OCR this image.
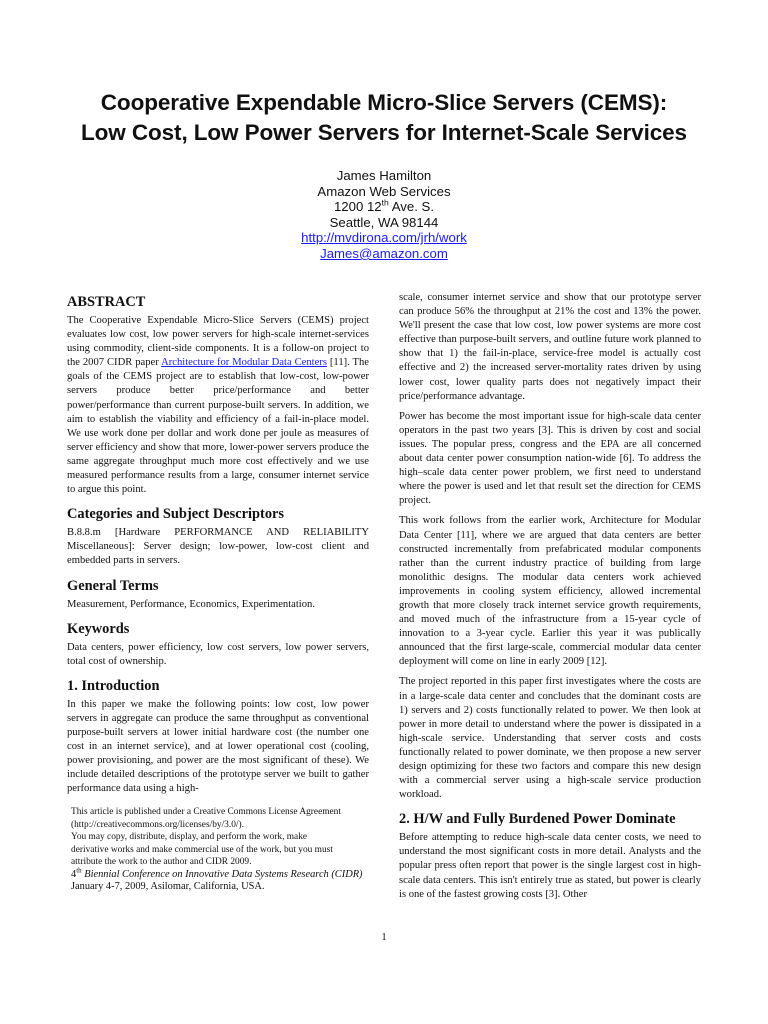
Cooperative Expendable Micro-Slice Servers (CEMS):
Low Cost, Low Power Servers for Internet-Scale Services
James Hamilton
Amazon Web Services
1200 12th Ave. S.
Seattle, WA 98144
http://mvdirona.com/jrh/work
James@amazon.com
ABSTRACT

The Cooperative Expendable Micro-Slice Servers (CEMS) project evaluates low cost, low power servers for high-scale internet-services using commodity, client-side components. It is a follow-on project to the 2007 CIDR paper Architecture for Modular Data Centers [11]. The goals of the CEMS project are to establish that low-cost, low-power servers produce better price/performance and better power/performance than current purpose-built servers. In addition, we aim to establish the viability and efficiency of a fail-in-place model. We use work done per dollar and work done per joule as measures of server efficiency and show that more, lower-power servers produce the same aggregate throughput much more cost effectively and we use measured performance results from a large, consumer internet service to argue this point.

Categories and Subject Descriptors

B.8.8.m [Hardware PERFORMANCE AND RELIABILITY Miscellaneous]: Server design; low-power, low-cost client and embedded parts in servers.

General Terms

Measurement, Performance, Economics, Experimentation.

Keywords

Data centers, power efficiency, low cost servers, low power servers, total cost of ownership.

1. Introduction

In this paper we make the following points: low cost, low power servers in aggregate can produce the same throughput as conventional purpose-built servers at lower initial hardware cost (the number one cost in an internet service), and at lower operational cost (cooling, power provisioning, and power are the most significant of these). We include detailed descriptions of the prototype server we built to gather performance data using a high-

This article is published under a Creative Commons License Agreement

(http://creativecommons.org/licenses/by/3.0/).

You may copy, distribute, display, and perform the work, make

derivative works and make commercial use of the work, but you must

attribute the work to the author and CIDR 2009.

4th Biennial Conference on Innovative Data Systems Research (CIDR)

January 4-7, 2009, Asilomar, California, USA.

scale, consumer internet service and show that our prototype server can produce 56% the throughput at 21% the cost and 13% the power. We'll present the case that low cost, low power systems are more cost effective than purpose-built servers, and outline future work planned to show that 1) the fail-in-place, service-free model is actually cost effective and 2) the increased server-mortality rates driven by using lower cost, lower quality parts does not negatively impact their price/performance advantage.

Power has become the most important issue for high-scale data center operators in the past two years [3]. This is driven by cost and social issues. The popular press, congress and the EPA are all concerned about data center power consumption nation-wide [6]. To address the high–scale data center power problem, we first need to understand where the power is used and let that result set the direction for CEMS project.

This work follows from the earlier work, Architecture for Modular Data Center [11], where we are argued that data centers are better constructed incrementally from prefabricated modular components rather than the current industry practice of building from large monolithic designs. The modular data centers work achieved improvements in cooling system efficiency, allowed incremental growth that more closely track internet service growth requirements, and moved much of the infrastructure from a 15-year cycle of innovation to a 3-year cycle. Earlier this year it was publically announced that the first large-scale, commercial modular data center deployment will come on line in early 2009 [12].

The project reported in this paper first investigates where the costs are in a large-scale data center and concludes that the dominant costs are 1) servers and 2) costs functionally related to power. We then look at power in more detail to understand where the power is dissipated in a high-scale service. Understanding that server costs and costs functionally related to power dominate, we then propose a new server design optimizing for these two factors and compare this new design with a commercial server using a high-scale service production workload.

2. H/W and Fully Burdened Power Dominate

Before attempting to reduce high-scale data center costs, we need to understand the most significant costs in more detail. Analysts and the popular press often report that power is the single largest cost in high-scale data centers. This isn't entirely true as stated, but power is clearly is one of the fastest growing costs [3]. Other

1
